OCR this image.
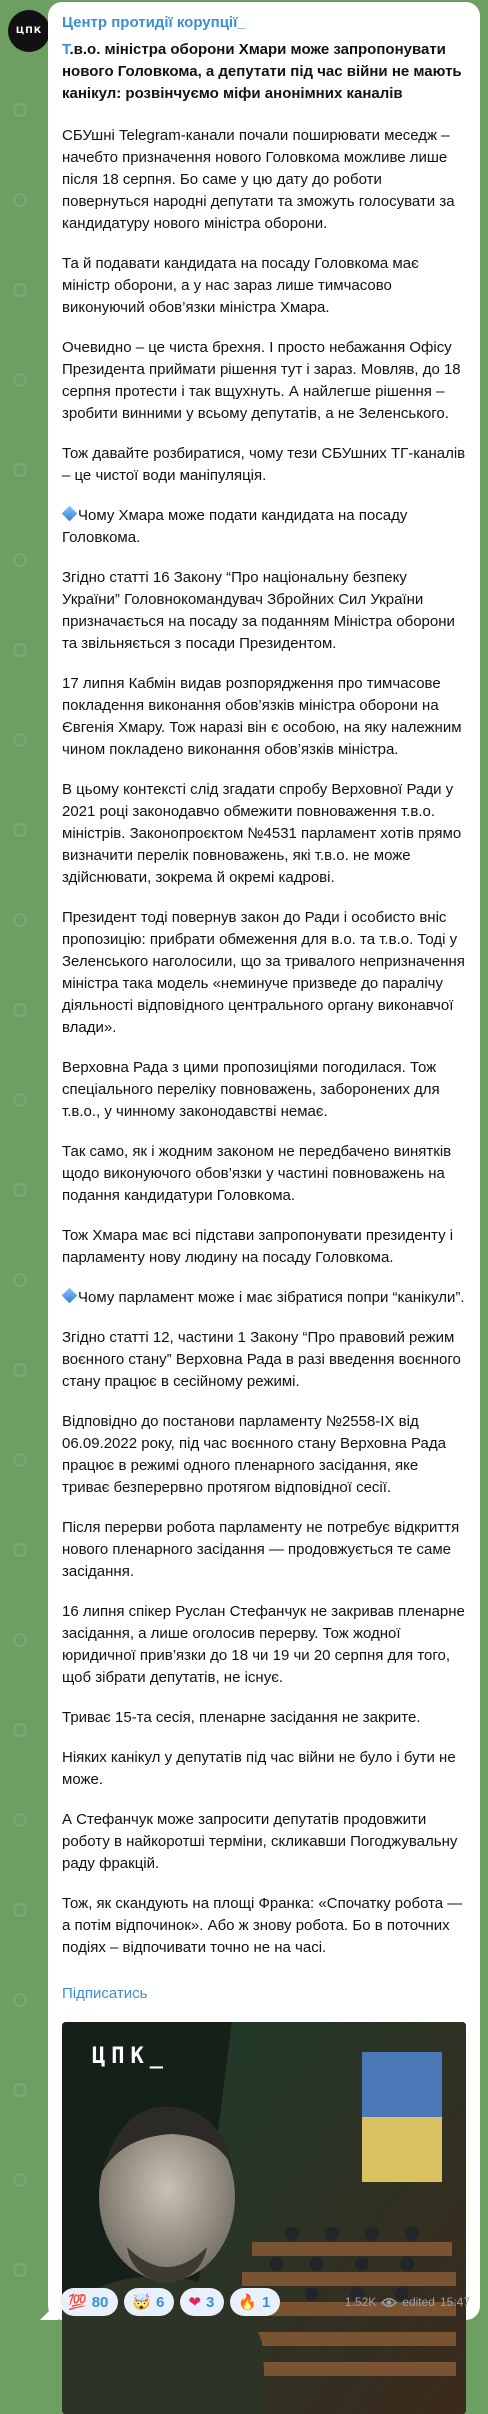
ЦПК Центр протидії корупції_

Т.в.о. міністра оборони Хмари може запропонувати нового Головкома, а депутати під час війни не мають канікул: розвінчуємо міфи анонімних каналів

СБУшні Telegram-канали почали поширювати меседж – начебто призначення нового Головкома можливе лише після 18 серпня. Бо саме у цю дату до роботи повернуться народні депутати та зможуть голосувати за кандидатуру нового міністра оборони.

Та й подавати кандидата на посаду Головкома має міністр оборони, а у нас зараз лише тимчасово виконуючий обов’язки міністра Хмара.

Очевидно – це чиста брехня. І просто небажання Офісу Президента приймати рішення тут і зараз. Мовляв, до 18 серпня протести і так вщухнуть. А найлегше рішення – зробити винними у всьому депутатів, а не Зеленського.

Тож давайте розбиратися, чому тези СБУшних ТГ-каналів – це чистої води маніпуляція.

Чому Хмара може подати кандидата на посаду Головкома.

Згідно статті 16 Закону “Про національну безпеку України” Головнокомандувач Збройних Сил України призначається на посаду за поданням Міністра оборони та звільняється з посади Президентом.

17 липня Кабмін видав розпорядження про тимчасове покладення виконання обов’язків міністра оборони на Євгенія Хмару. Тож наразі він є особою, на яку належним чином покладено виконання обов’язків міністра.

В цьому контексті слід згадати спробу Верховної Ради у 2021 році законодавчо обмежити повноваження т.в.о. міністрів. Законопроєктом №4531 парламент хотів прямо визначити перелік повноважень, які т.в.о. не може здійснювати, зокрема й окремі кадрові.

Президент тоді повернув закон до Ради і особисто вніс пропозицію: прибрати обмеження для в.о. та т.в.о. Тоді у Зеленського наголосили, що за тривалого непризначення міністра така модель «неминуче призведе до паралічу діяльності відповідного центрального органу виконавчої влади».

Верховна Рада з цими пропозиціями погодилася. Тож спеціального переліку повноважень, заборонених для т.в.о., у чинному законодавстві немає.

Так само, як і жодним законом не передбачено винятків щодо виконуючого обов’язки у частині повноважень на подання кандидатури Головкома.

Тож Хмара має всі підстави запропонувати президенту і парламенту нову людину на посаду Головкома.

Чому парламент може і має зібратися попри “канікули”.

Згідно статті 12, частини 1 Закону “Про правовий режим воєнного стану” Верховна Рада в разі введення воєнного стану працює в сесійному режимі.

Відповідно до постанови парламенту №2558-IX від 06.09.2022 року, під час воєнного стану Верховна Рада працює в режимі одного пленарного засідання, яке триває безперервно протягом відповідної сесії.

Після перерви робота парламенту не потребує відкриття нового пленарного засідання — продовжується те саме засідання.

16 липня спікер Руслан Стефанчук не закривав пленарне засідання, а лише оголосив перерву. Тож жодної юридичної прив’язки до 18 чи 19 чи 20 серпня для того, щоб зібрати депутатів, не існує.

Триває 15-та сесія, пленарне засідання не закрите.

Ніяких канікул у депутатів під час війни не було і бути не може.

А Стефанчук може запросити депутатів продовжити роботу в найкоротші терміни, скликавши Погоджувальну раду фракцій.

Тож, як скандують на площі Франка: «Спочатку робота — а потім відпочинок». Або ж знову робота. Бо в поточних подіях – відпочивати точно не на часі.

Підписатись
ЦПК_
💯 80 🤯 6 ❤ 3 🔥 1	1.52K edited 15:47
